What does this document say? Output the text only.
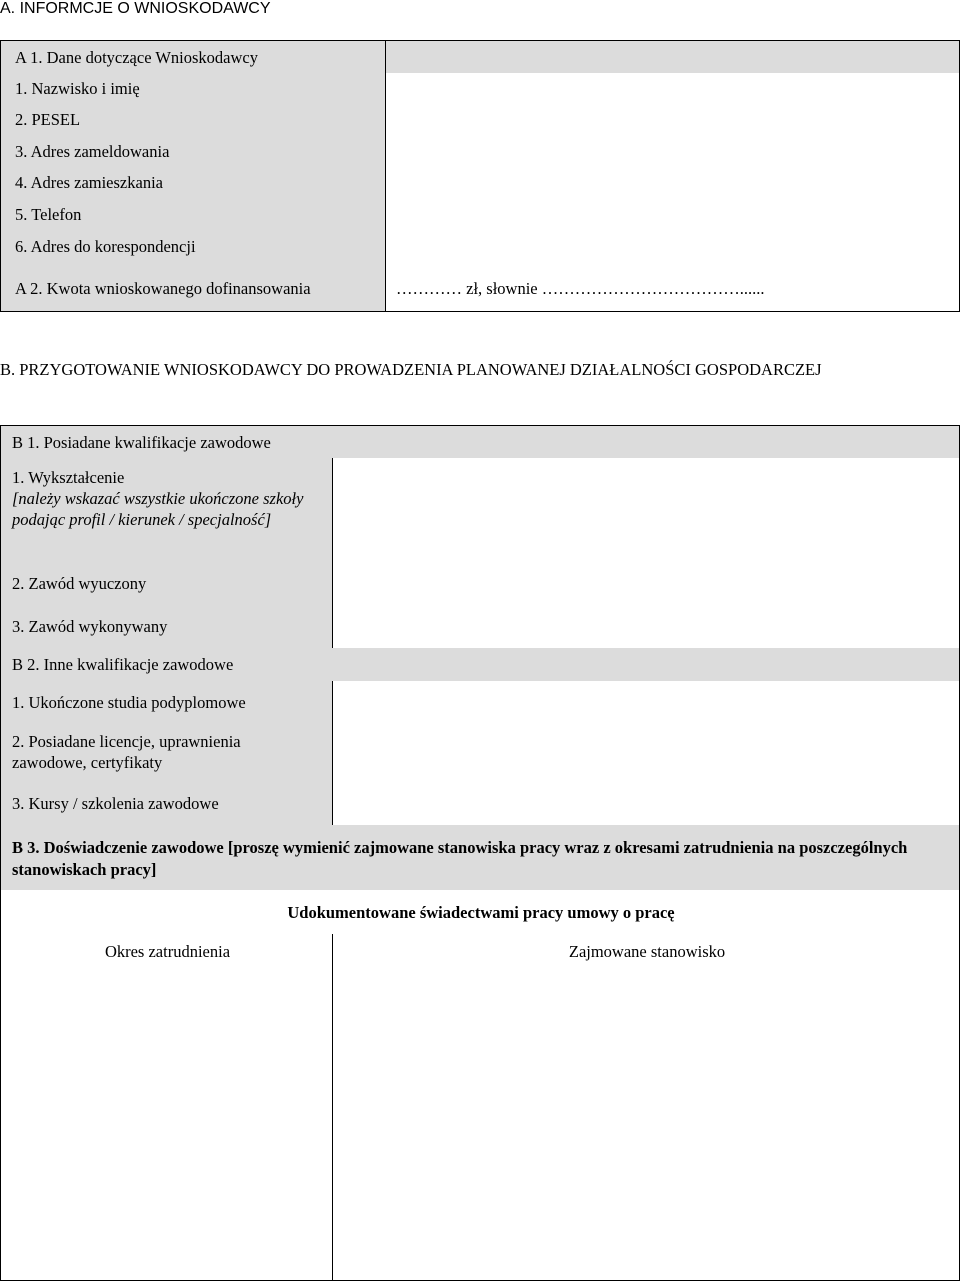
A. INFORMCJE O WNIOSKODAWCY
A 1. Dane dotyczące Wnioskodawcy
1. Nazwisko i imię
2. PESEL
3. Adres zameldowania
4. Adres zamieszkania
5. Telefon
6. Adres do korespondencji
A 2. Kwota wnioskowanego dofinansowania	………… zł, słownie ………………………………......
B. PRZYGOTOWANIE WNIOSKODAWCY DO PROWADZENIA PLANOWANEJ DZIAŁALNOŚCI GOSPODARCZEJ
B 1. Posiadane kwalifikacje zawodowe
1. Wykształcenie
[należy wskazać wszystkie ukończone szkoły podając profil / kierunek / specjalność]
2. Zawód wyuczony
3. Zawód wykonywany
B 2. Inne kwalifikacje zawodowe
1. Ukończone studia podyplomowe
2. Posiadane licencje, uprawnienia zawodowe, certyfikaty
3. Kursy / szkolenia zawodowe
B 3. Doświadczenie zawodowe [proszę wymienić zajmowane stanowiska pracy wraz z okresami zatrudnienia na poszczególnych stanowiskach pracy]
Udokumentowane świadectwami pracy umowy o pracę
Okres zatrudnienia	Zajmowane stanowisko
